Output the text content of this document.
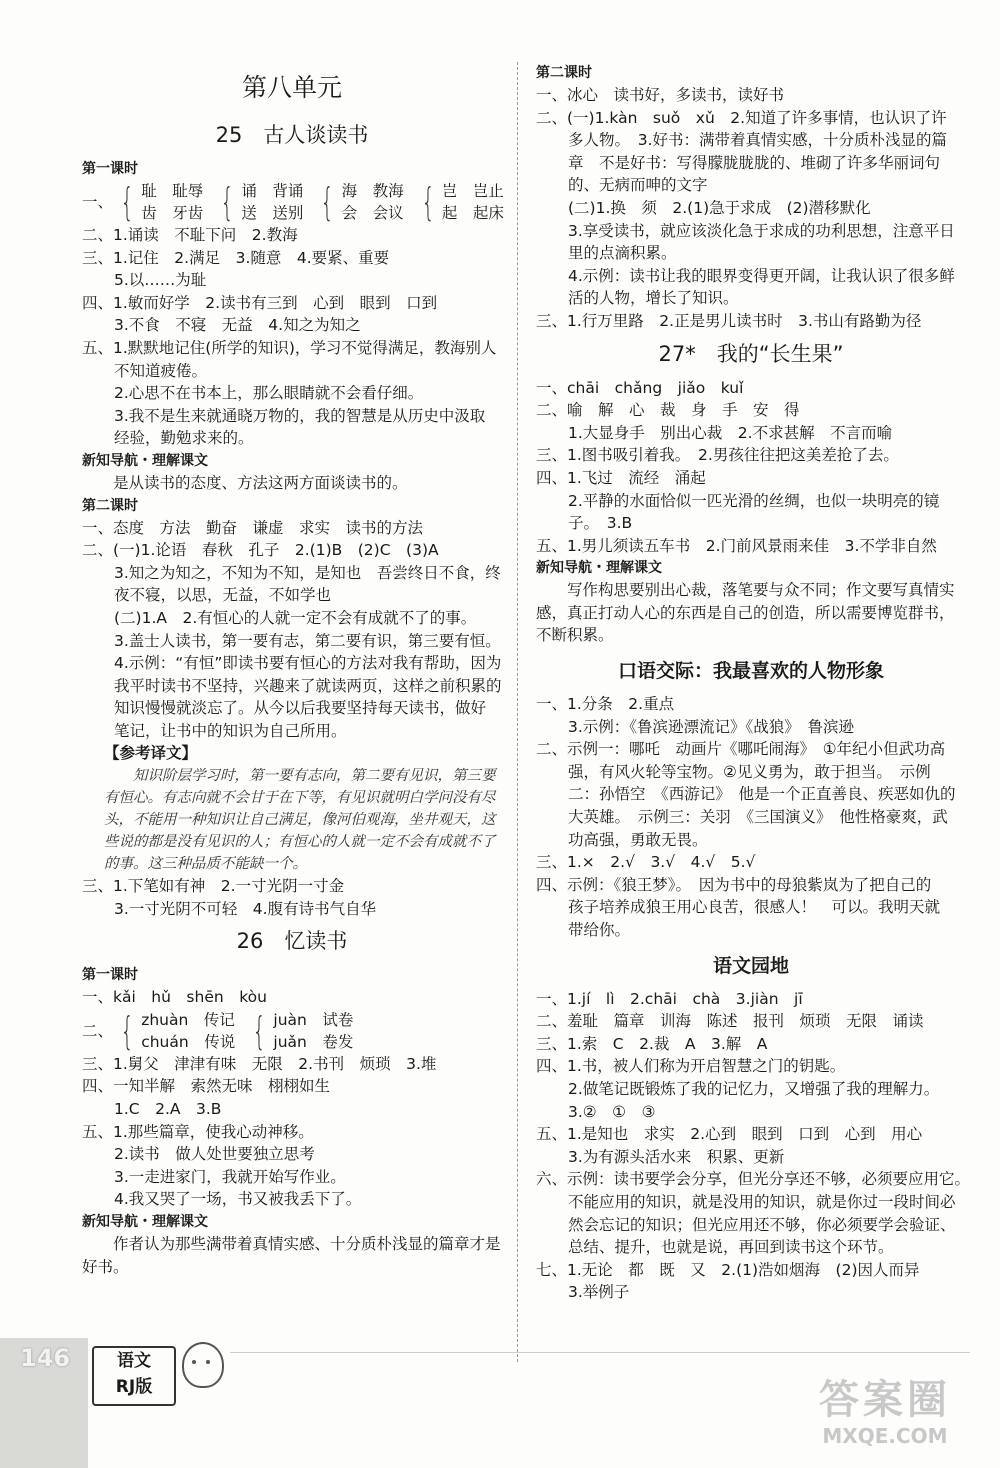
第八单元
25　古人谈读书
第一课时
一、 { 耻　耻辱
齿　牙齿 { 诵　背诵
送　送别 { 海　教海
会　会议 { 岂　岂止
起　起床
二、1.诵读　不耻下问　2.教海
三、1.记住　2.满足　3.随意　4.要紧、重要
5.以……为耻
四、1.敏而好学　2.读书有三到　心到　眼到　口到
3.不食　不寝　无益　4.知之为知之
五、1.默默地记住(所学的知识)，学习不觉得满足，教海别人
不知道疲倦。
2.心思不在书本上，那么眼睛就不会看仔细。
3.我不是生来就通晓万物的，我的智慧是从历史中汲取
经验，勤勉求来的。
新知导航・理解课文
是从读书的态度、方法这两方面谈读书的。
第二课时
一、态度　方法　勤奋　谦虚　求实　读书的方法
二、(一)1.论语　春秋　孔子　2.(1)B　(2)C　(3)A
3.知之为知之，不知为不知，是知也　吾尝终日不食，终
夜不寝，以思，无益，不如学也
(二)1.A　2.有恒心的人就一定不会有成就不了的事。
3.盖士人读书，第一要有志，第二要有识，第三要有恒。
4.示例：“有恒”即读书要有恒心的方法对我有帮助，因为
我平时读书不坚持，兴趣来了就读两页，这样之前积累的
知识慢慢就淡忘了。从今以后我要坚持每天读书，做好
笔记，让书中的知识为自己所用。
【参考译文】
知识阶层学习时，第一要有志向，第二要有见识，第三要有恒心。有志向就不会甘于在下等，有见识就明白学问没有尽头，不能用一种知识让自己满足，像河伯观海，坐井观天，这些说的都是没有见识的人；有恒心的人就一定不会有成就不了的事。这三种品质不能缺一个。
三、1.下笔如有神　2.一寸光阴一寸金
3.一寸光阴不可轻　4.腹有诗书气自华
26　忆读书
第一课时
一、kǎi　hǔ　shēn　kòu
二、 { zhuàn　传记
chuán　传说 { juàn　试卷
juǎn　卷发
三、1.舅父　津津有味　无限　2.书刊　烦琐　3.堆
四、一知半解　索然无味　栩栩如生
1.C　2.A　3.B
五、1.那些篇章，使我心动神移。
2.读书　做人处世要独立思考
3.一走进家门，我就开始写作业。
4.我又哭了一场，书又被我丢下了。
新知导航・理解课文
作者认为那些满带着真情实感、十分质朴浅显的篇章才是好书。
第二课时
一、冰心　读书好，多读书，读好书
二、(一)1.kàn　suǒ　xǔ　2.知道了许多事情，也认识了许
多人物。　3.好书：满带着真情实感，十分质朴浅显的篇
章　不是好书：写得朦胧胧胧的、堆砌了许多华丽词句
的、无病而呻的文字
(二)1.换　须　2.(1)急于求成　(2)潜移默化
3.享受读书，就应该淡化急于求成的功利思想，注意平日
里的点滴积累。
4.示例：读书让我的眼界变得更开阔，让我认识了很多鲜
活的人物，增长了知识。
三、1.行万里路　2.正是男儿读书时　3.书山有路勤为径
27*　我的“长生果”
一、chāi　chǎng　jiǎo　kuǐ
二、喻　解　心　裁　身　手　安　得
1.大显身手　别出心裁　2.不求甚解　不言而喻
三、1.图书吸引着我。　2.男孩往往把这美差抢了去。
四、1.飞过　流经　涌起
2.平静的水面恰似一匹光滑的丝绸，也似一块明亮的镜
子。　3.B
五、1.男儿须读五车书　2.门前风景雨来佳　3.不学非自然
新知导航・理解课文
写作构思要别出心裁，落笔要与众不同；作文要写真情实感，真正打动人心的东西是自己的创造，所以需要博览群书，不断积累。
口语交际：我最喜欢的人物形象
一、1.分条　2.重点
3.示例：《鲁滨逊漂流记》《战狼》　鲁滨逊
二、示例一：哪吒　动画片《哪吒闹海》　①年纪小但武功高
强，有风火轮等宝物。②见义勇为，敢于担当。　示例
二：孙悟空　《西游记》　他是一个正直善良、疾恶如仇的
大英雄。　示例三：关羽　《三国演义》　他性格豪爽，武
功高强，勇敢无畏。
三、1.×　2.√　3.√　4.√　5.√
四、示例：《狼王梦》。　因为书中的母狼紫岚为了把自己的
孩子培养成狼王用心良苦，很感人！　可以。我明天就
带给你。
语文园地
一、1.jí　lì　2.chāi　chà　3.jiàn　jī
二、羞耻　篇章　训海　陈述　报刊　烦琐　无限　诵读
三、1.索　C　2.裁　A　3.解　A
四、1.书，被人们称为开启智慧之门的钥匙。
2.做笔记既锻炼了我的记忆力，又增强了我的理解力。
3.②　①　③
五、1.是知也　求实　2.心到　眼到　口到　心到　用心
3.为有源头活水来　积累、更新
六、示例：读书要学会分享，但光分享还不够，必须要应用它。
不能应用的知识，就是没用的知识，就是你过一段时间必
然会忘记的知识；但光应用还不够，你必须要学会验证、
总结、提升，也就是说，再回到读书这个环节。
七、1.无论　都　既　又　2.(1)浩如烟海　(2)因人而异
3.举例子
146	语文
RJ版	答案圈
MXQE.COM
